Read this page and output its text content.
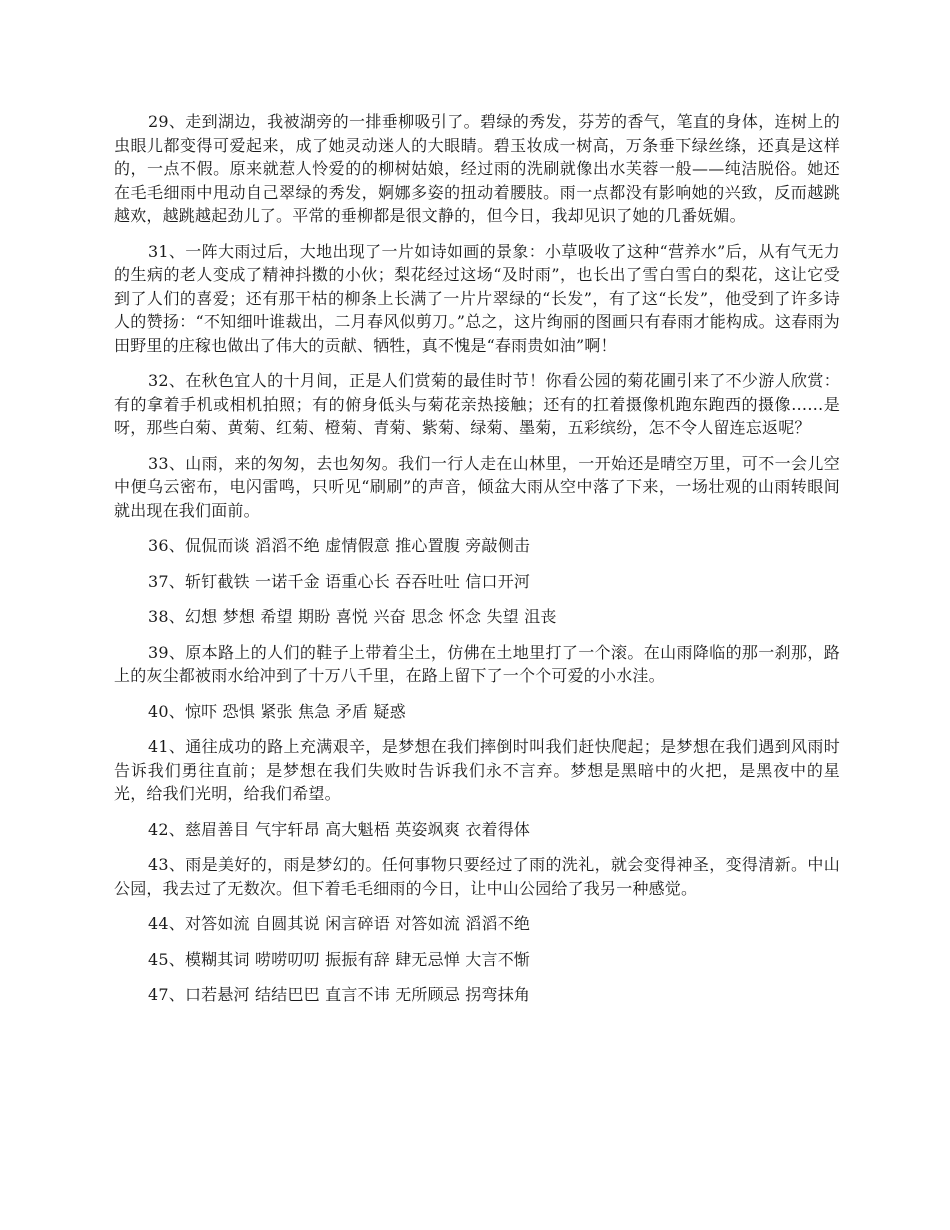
29、走到湖边，我被湖旁的一排垂柳吸引了。碧绿的秀发，芬芳的香气，笔直的身体，连树上的虫眼儿都变得可爱起来，成了她灵动迷人的大眼睛。碧玉妆成一树高，万条垂下绿丝绦，还真是这样的，一点不假。原来就惹人怜爱的的柳树姑娘，经过雨的洗刷就像出水芙蓉一般——纯洁脱俗。她还在毛毛细雨中甩动自己翠绿的秀发，婀娜多姿的扭动着腰肢。雨一点都没有影响她的兴致，反而越跳越欢，越跳越起劲儿了。平常的垂柳都是很文静的，但今日，我却见识了她的几番妩媚。

31、一阵大雨过后，大地出现了一片如诗如画的景象：小草吸收了这种“营养水”后，从有气无力的生病的老人变成了精神抖擞的小伙；梨花经过这场“及时雨”，也长出了雪白雪白的梨花，这让它受到了人们的喜爱；还有那干枯的柳条上长满了一片片翠绿的“长发”，有了这“长发”，他受到了许多诗人的赞扬：“不知细叶谁裁出，二月春风似剪刀。”总之，这片绚丽的图画只有春雨才能构成。这春雨为田野里的庄稼也做出了伟大的贡献、牺牲，真不愧是“春雨贵如油”啊！

32、在秋色宜人的十月间，正是人们赏菊的最佳时节！你看公园的菊花圃引来了不少游人欣赏：有的拿着手机或相机拍照；有的俯身低头与菊花亲热接触；还有的扛着摄像机跑东跑西的摄像……是呀，那些白菊、黄菊、红菊、橙菊、青菊、紫菊、绿菊、墨菊，五彩缤纷，怎不令人留连忘返呢？

33、山雨，来的匆匆，去也匆匆。我们一行人走在山林里，一开始还是晴空万里，可不一会儿空中便乌云密布，电闪雷鸣，只听见“刷刷”的声音，倾盆大雨从空中落了下来，一场壮观的山雨转眼间就出现在我们面前。

36、侃侃而谈 滔滔不绝 虚情假意 推心置腹 旁敲侧击

37、斩钉截铁 一诺千金 语重心长 吞吞吐吐 信口开河

38、幻想 梦想 希望 期盼 喜悦 兴奋 思念 怀念 失望 沮丧

39、原本路上的人们的鞋子上带着尘土，仿佛在土地里打了一个滚。在山雨降临的那一刹那，路上的灰尘都被雨水给冲到了十万八千里，在路上留下了一个个可爱的小水洼。

40、惊吓 恐惧 紧张 焦急 矛盾 疑惑

41、通往成功的路上充满艰辛，是梦想在我们摔倒时叫我们赶快爬起；是梦想在我们遇到风雨时告诉我们勇往直前；是梦想在我们失败时告诉我们永不言弃。梦想是黑暗中的火把，是黑夜中的星光，给我们光明，给我们希望。

42、慈眉善目 气宇轩昂 高大魁梧 英姿飒爽 衣着得体

43、雨是美好的，雨是梦幻的。任何事物只要经过了雨的洗礼，就会变得神圣，变得清新。中山公园，我去过了无数次。但下着毛毛细雨的今日，让中山公园给了我另一种感觉。

44、对答如流 自圆其说 闲言碎语 对答如流 滔滔不绝

45、模糊其词 唠唠叨叨 振振有辞 肆无忌惮 大言不惭

47、口若悬河 结结巴巴 直言不讳 无所顾忌 拐弯抹角
